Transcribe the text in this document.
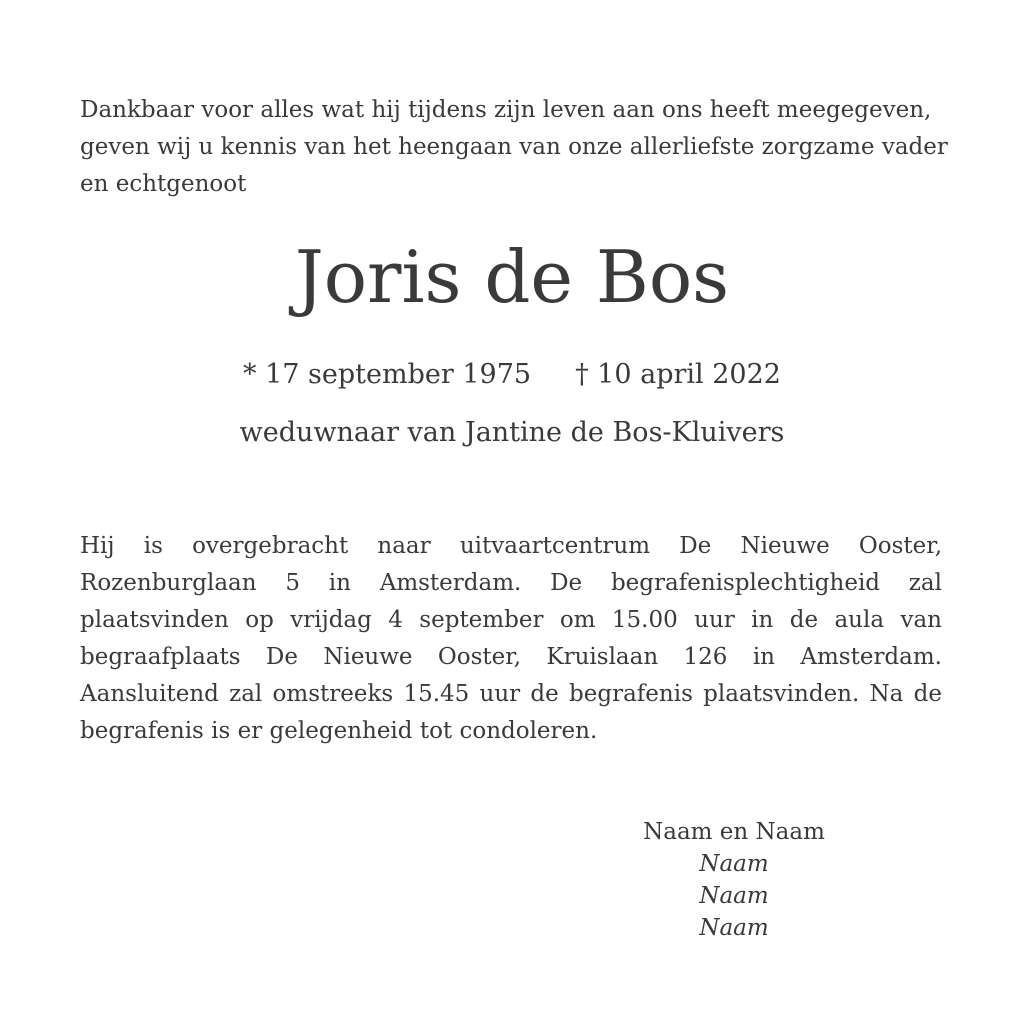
Dankbaar voor alles wat hij tijdens zijn leven aan ons heeft meegegeven, geven wij u kennis van het heengaan van onze allerliefste zorgzame vader en echtgenoot

Joris de Bos

* 17 september 1975 † 10 april 2022

weduwnaar van Jantine de Bos-Kluivers

Hij is overgebracht naar uitvaartcentrum De Nieuwe Ooster, Rozenburglaan 5 in Amsterdam. De begrafenisplechtigheid zal plaatsvinden op vrijdag 4 september om 15.00 uur in de aula van begraafplaats De Nieuwe Ooster, Kruislaan 126 in Amsterdam. Aansluitend zal omstreeks 15.45 uur de begrafenis plaatsvinden. Na de begrafenis is er gelegenheid tot condoleren.

Naam en Naam
Naam
Naam
Naam
